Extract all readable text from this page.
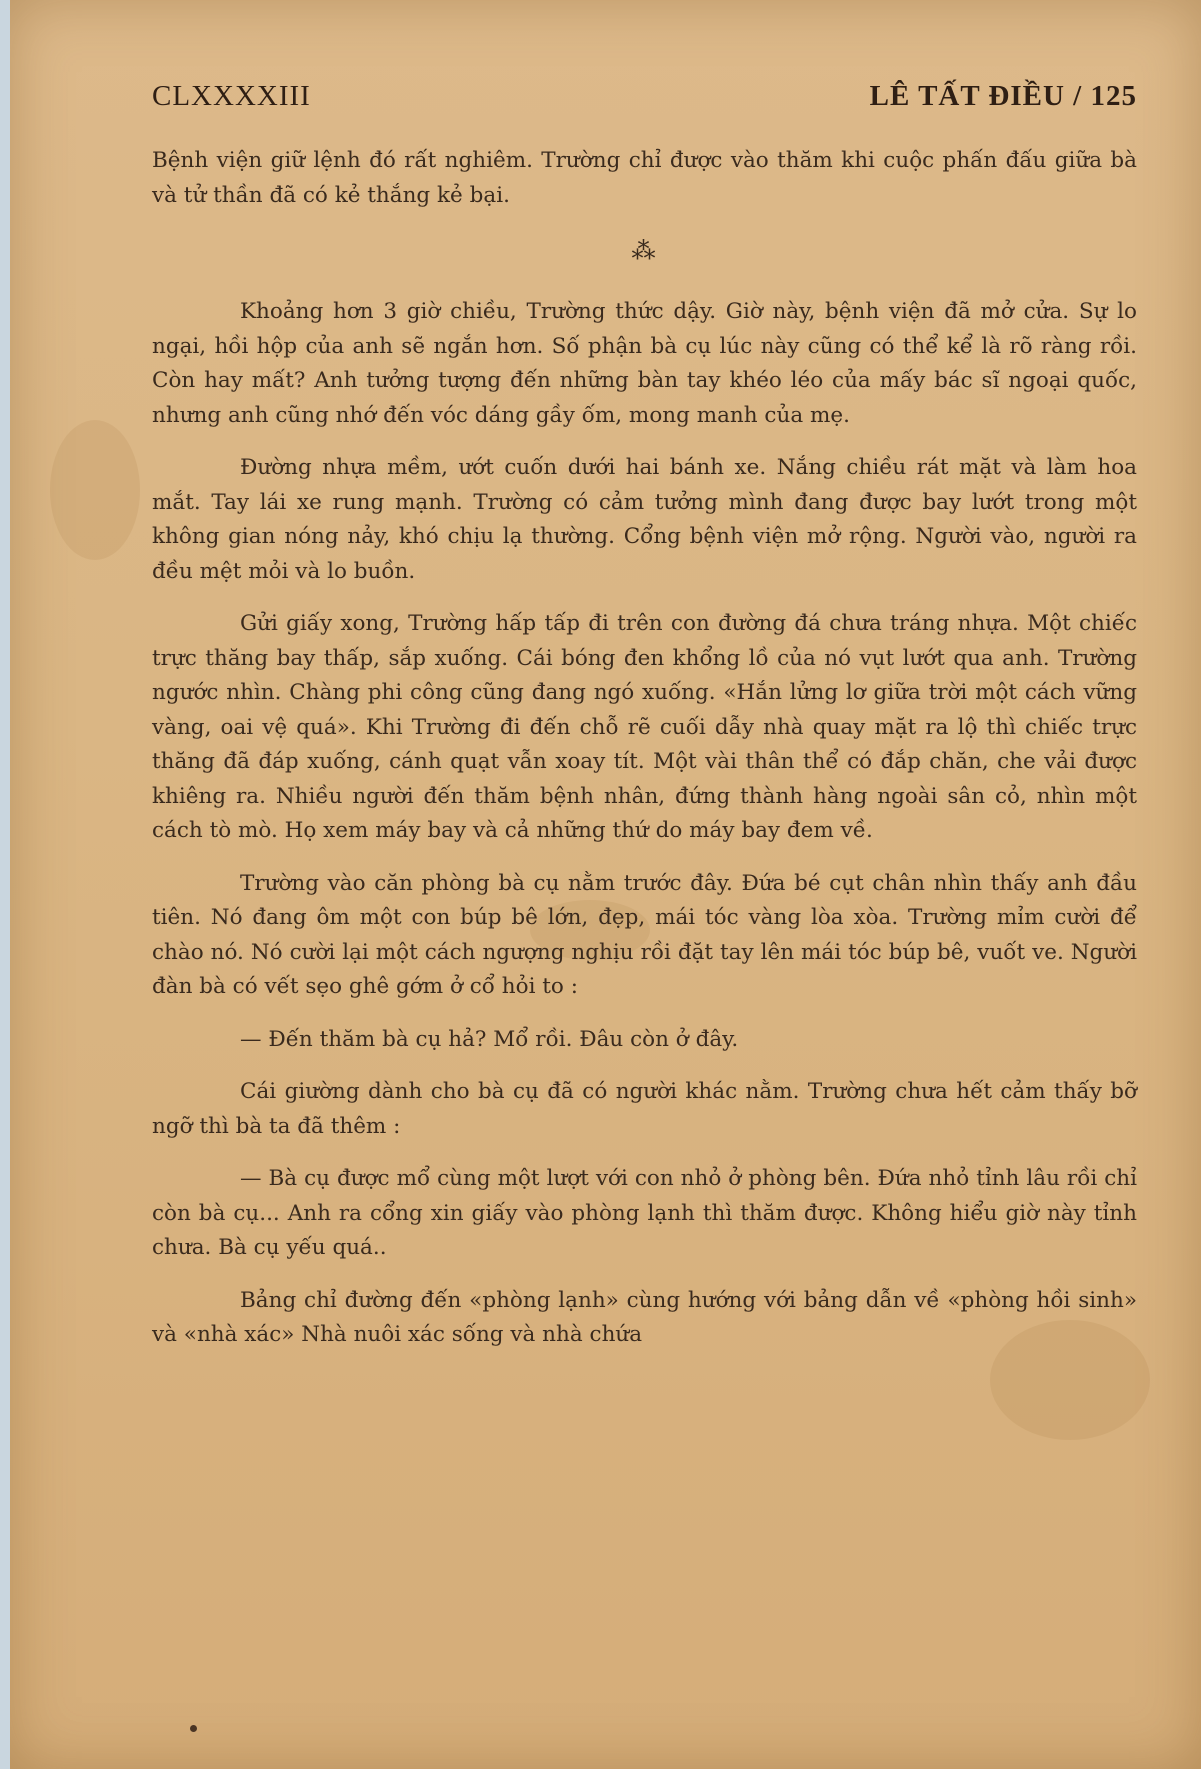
CLXXXXIII	LÊ TẤT ĐIỀU / 125

Bệnh viện giữ lệnh đó rất nghiêm. Trường chỉ được vào thăm khi cuộc phấn đấu giữa bà và tử thần đã có kẻ thắng kẻ bại.

⁂

Khoảng hơn 3 giờ chiều, Trường thức dậy. Giờ này, bệnh viện đã mở cửa. Sự lo ngại, hồi hộp của anh sẽ ngắn hơn. Số phận bà cụ lúc này cũng có thể kể là rõ ràng rồi. Còn hay mất? Anh tưởng tượng đến những bàn tay khéo léo của mấy bác sĩ ngoại quốc, nhưng anh cũng nhớ đến vóc dáng gầy ốm, mong manh của mẹ.

Đường nhựa mềm, ướt cuốn dưới hai bánh xe. Nắng chiều rát mặt và làm hoa mắt. Tay lái xe rung mạnh. Trường có cảm tưởng mình đang được bay lướt trong một không gian nóng nảy, khó chịu lạ thường. Cổng bệnh viện mở rộng. Người vào, người ra đều mệt mỏi và lo buồn.

Gửi giấy xong, Trường hấp tấp đi trên con đường đá chưa tráng nhựa. Một chiếc trực thăng bay thấp, sắp xuống. Cái bóng đen khổng lồ của nó vụt lướt qua anh. Trường ngước nhìn. Chàng phi công cũng đang ngó xuống. «Hắn lửng lơ giữa trời một cách vững vàng, oai vệ quá». Khi Trường đi đến chỗ rẽ cuối dẫy nhà quay mặt ra lộ thì chiếc trực thăng đã đáp xuống, cánh quạt vẫn xoay tít. Một vài thân thể có đắp chăn, che vải được khiêng ra. Nhiều người đến thăm bệnh nhân, đứng thành hàng ngoài sân cỏ, nhìn một cách tò mò. Họ xem máy bay và cả những thứ do máy bay đem về.

Trường vào căn phòng bà cụ nằm trước đây. Đứa bé cụt chân nhìn thấy anh đầu tiên. Nó đang ôm một con búp bê lớn, đẹp, mái tóc vàng lòa xòa. Trường mỉm cười để chào nó. Nó cười lại một cách ngượng nghịu rồi đặt tay lên mái tóc búp bê, vuốt ve. Người đàn bà có vết sẹo ghê gớm ở cổ hỏi to :

— Đến thăm bà cụ hả? Mổ rồi. Đâu còn ở đây.

Cái giường dành cho bà cụ đã có người khác nằm. Trường chưa hết cảm thấy bỡ ngỡ thì bà ta đã thêm :

— Bà cụ được mổ cùng một lượt với con nhỏ ở phòng bên. Đứa nhỏ tỉnh lâu rồi chỉ còn bà cụ... Anh ra cổng xin giấy vào phòng lạnh thì thăm được. Không hiểu giờ này tỉnh chưa. Bà cụ yếu quá..

Bảng chỉ đường đến «phòng lạnh» cùng hướng với bảng dẫn về «phòng hồi sinh» và «nhà xác» Nhà nuôi xác sống và nhà chứa
